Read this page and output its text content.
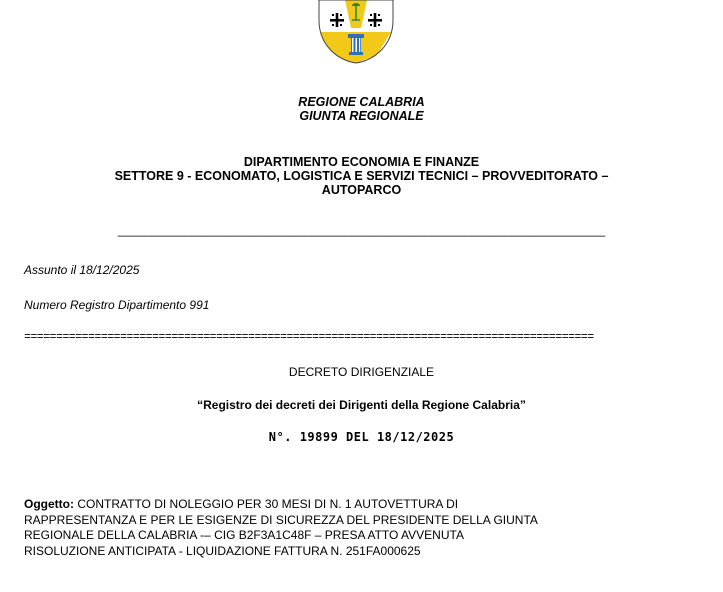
REGIONE CALABRIA
GIUNTA REGIONALE
DIPARTIMENTO ECONOMIA E FINANZE
SETTORE 9 - ECONOMATO, LOGISTICA E SERVIZI TECNICI – PROVVEDITORATO –
AUTOPARCO
_________________________________________________________________________
Assunto il 18/12/2025
Numero Registro Dipartimento 991
=========================================================================================
DECRETO DIRIGENZIALE
“Registro dei decreti dei Dirigenti della Regione Calabria”
N°. 19899 DEL 18/12/2025
Oggetto: CONTRATTO DI NOLEGGIO PER 30 MESI DI N. 1 AUTOVETTURA DI
RAPPRESENTANZA E PER LE ESIGENZE DI SICUREZZA DEL PRESIDENTE DELLA GIUNTA
REGIONALE DELLA CALABRIA -– CIG B2F3A1C48F – PRESA ATTO AVVENUTA
RISOLUZIONE ANTICIPATA - LIQUIDAZIONE FATTURA N. 251FA000625
